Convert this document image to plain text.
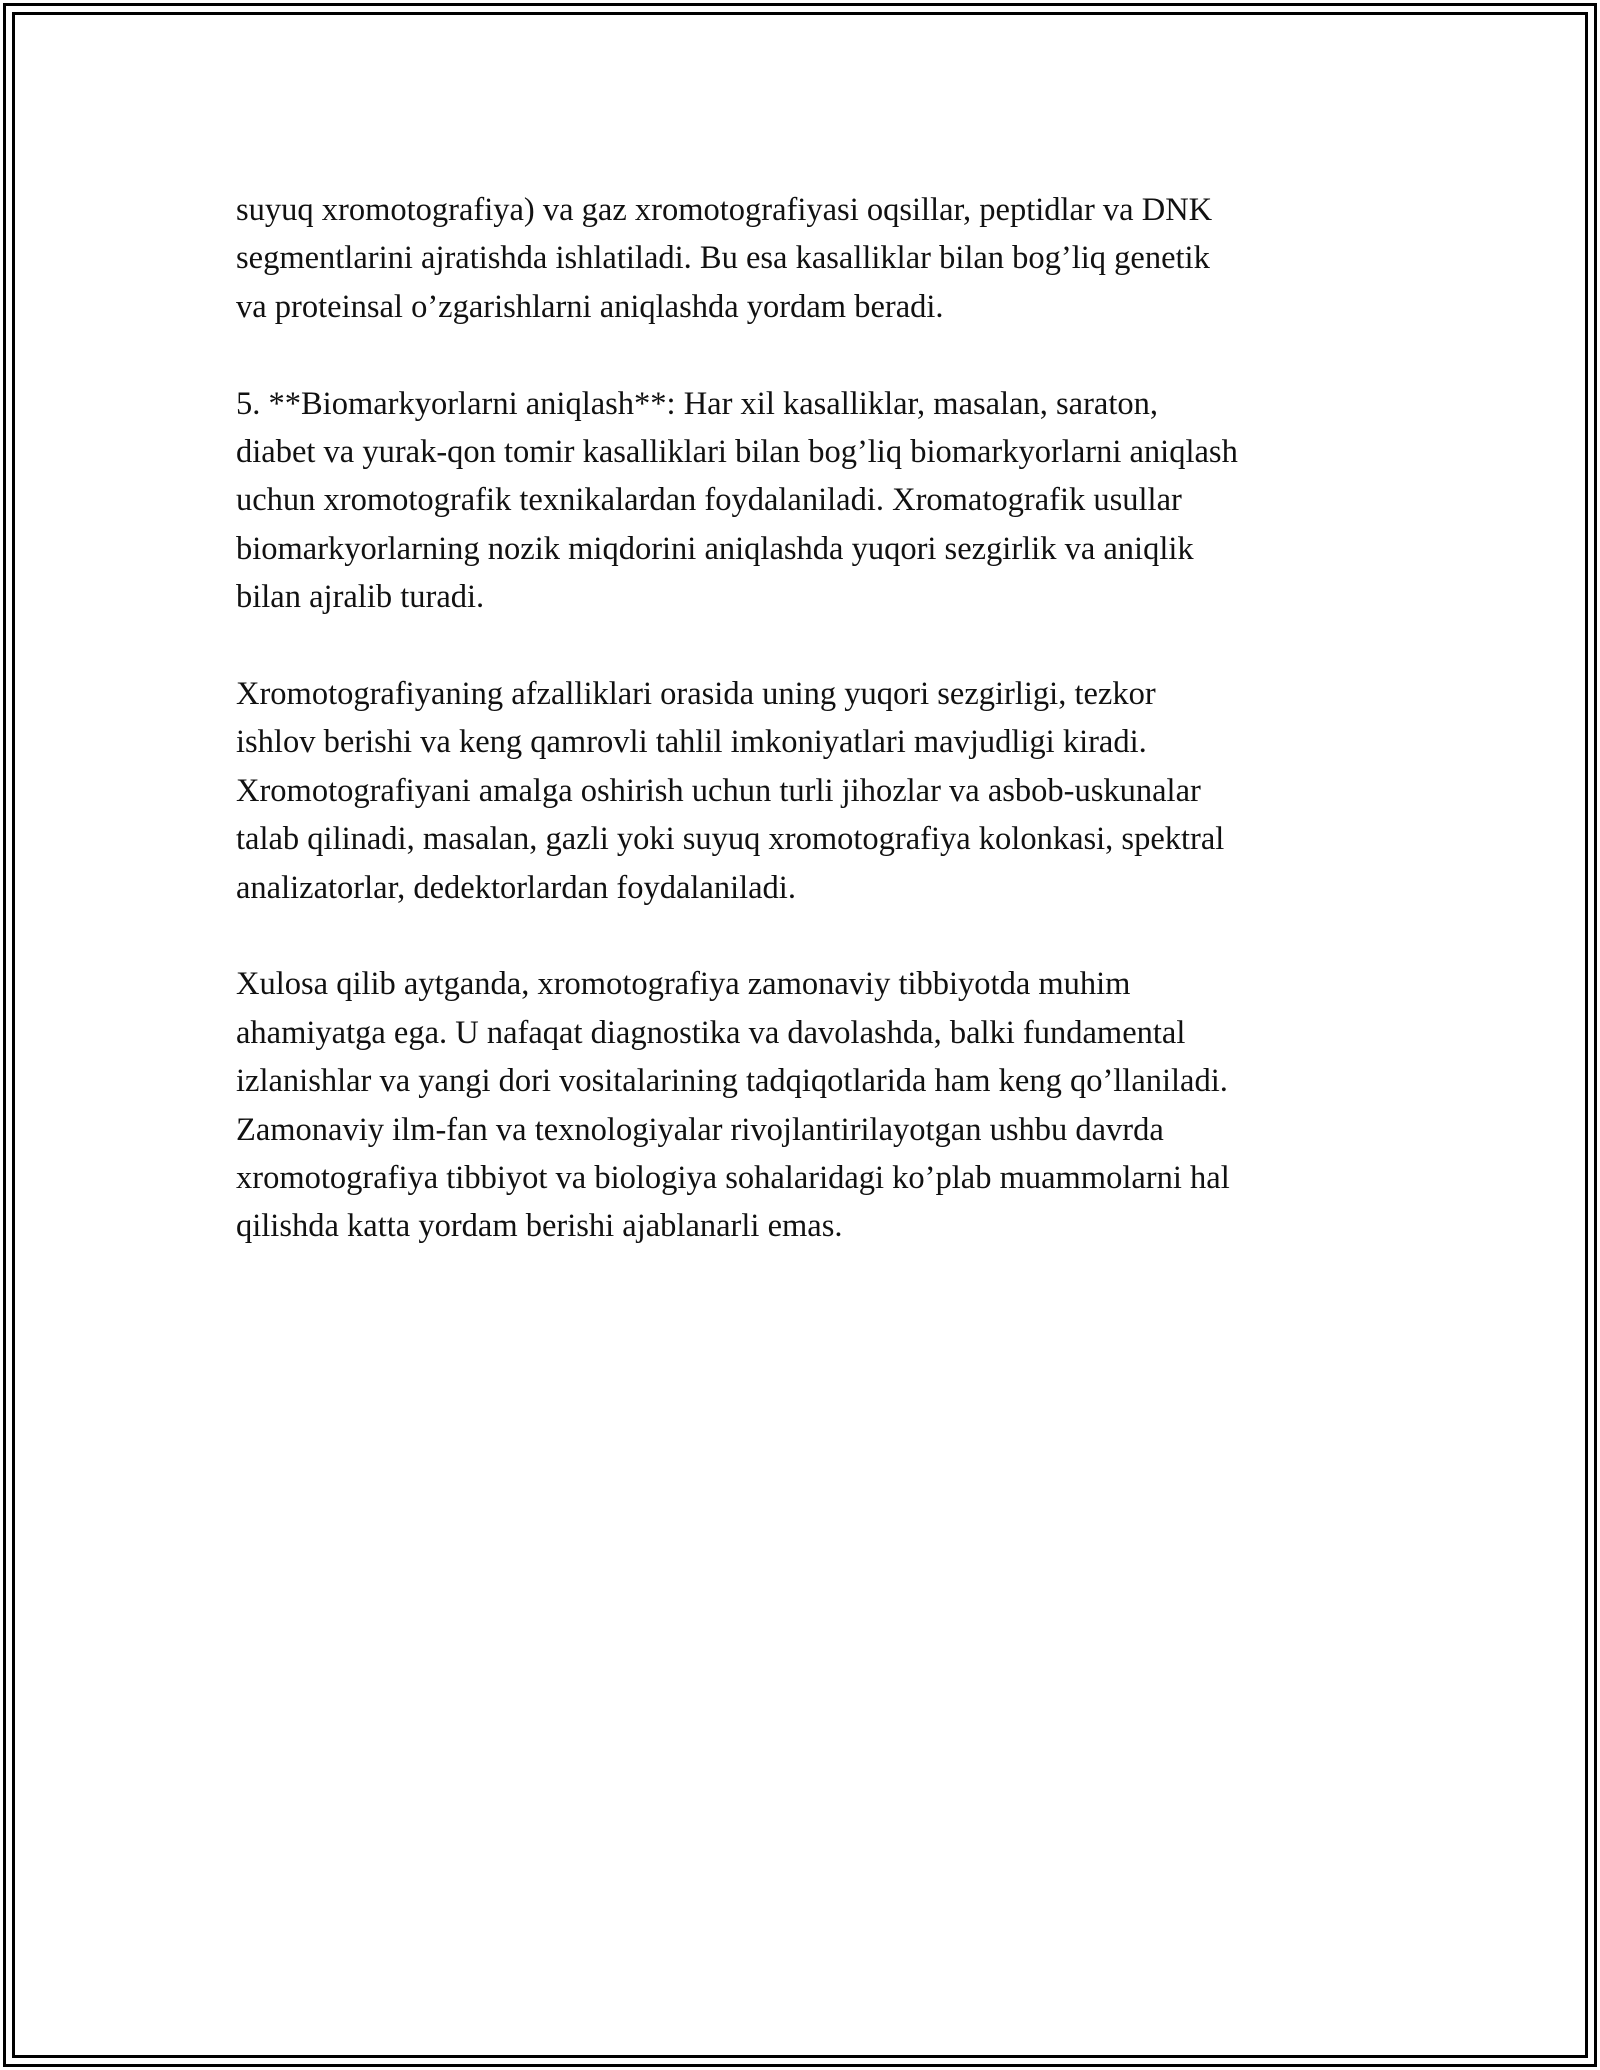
suyuq xromotografiya) va gaz xromotografiyasi oqsillar, peptidlar va DNK
segmentlarini ajratishda ishlatiladi. Bu esa kasalliklar bilan bog’liq genetik
va proteinsal o’zgarishlarni aniqlashda yordam beradi.

5. **Biomarkyorlarni aniqlash**: Har xil kasalliklar, masalan, saraton,
diabet va yurak-qon tomir kasalliklari bilan bog’liq biomarkyorlarni aniqlash
uchun xromotografik texnikalardan foydalaniladi. Xromatografik usullar
biomarkyorlarning nozik miqdorini aniqlashda yuqori sezgirlik va aniqlik
bilan ajralib turadi.

Xromotografiyaning afzalliklari orasida uning yuqori sezgirligi, tezkor
ishlov berishi va keng qamrovli tahlil imkoniyatlari mavjudligi kiradi.
Xromotografiyani amalga oshirish uchun turli jihozlar va asbob-uskunalar
talab qilinadi, masalan, gazli yoki suyuq xromotografiya kolonkasi, spektral
analizatorlar, dedektorlardan foydalaniladi.

Xulosa qilib aytganda, xromotografiya zamonaviy tibbiyotda muhim
ahamiyatga ega. U nafaqat diagnostika va davolashda, balki fundamental
izlanishlar va yangi dori vositalarining tadqiqotlarida ham keng qo’llaniladi.
Zamonaviy ilm-fan va texnologiyalar rivojlantirilayotgan ushbu davrda
xromotografiya tibbiyot va biologiya sohalaridagi ko’plab muammolarni hal
qilishda katta yordam berishi ajablanarli emas.
